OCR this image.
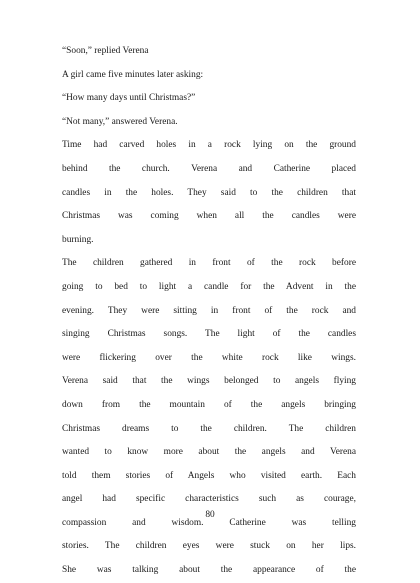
“Soon,” replied Verena
A girl came five minutes later asking:
“How many days until Christmas?”
“Not many,” answered Verena.
Time had carved holes in a rock lying on the ground
behind the church. Verena and Catherine placed
candles in the holes. They said to the children that
Christmas was coming when all the candles were
burning.
The children gathered in front of the rock before
going to bed to light a candle for the Advent in the
evening. They were sitting in front of the rock and
singing Christmas songs. The light of the candles
were flickering over the white rock like wings.
Verena said that the wings belonged to angels flying
down from the mountain of the angels bringing
Christmas dreams to the children. The children
wanted to know more about the angels and Verena
told them stories of Angels who visited earth. Each
angel had specific characteristics such as courage,
compassion and wisdom. Catherine was telling
stories. The children eyes were stuck on her lips.
She was talking about the appearance of the
80
